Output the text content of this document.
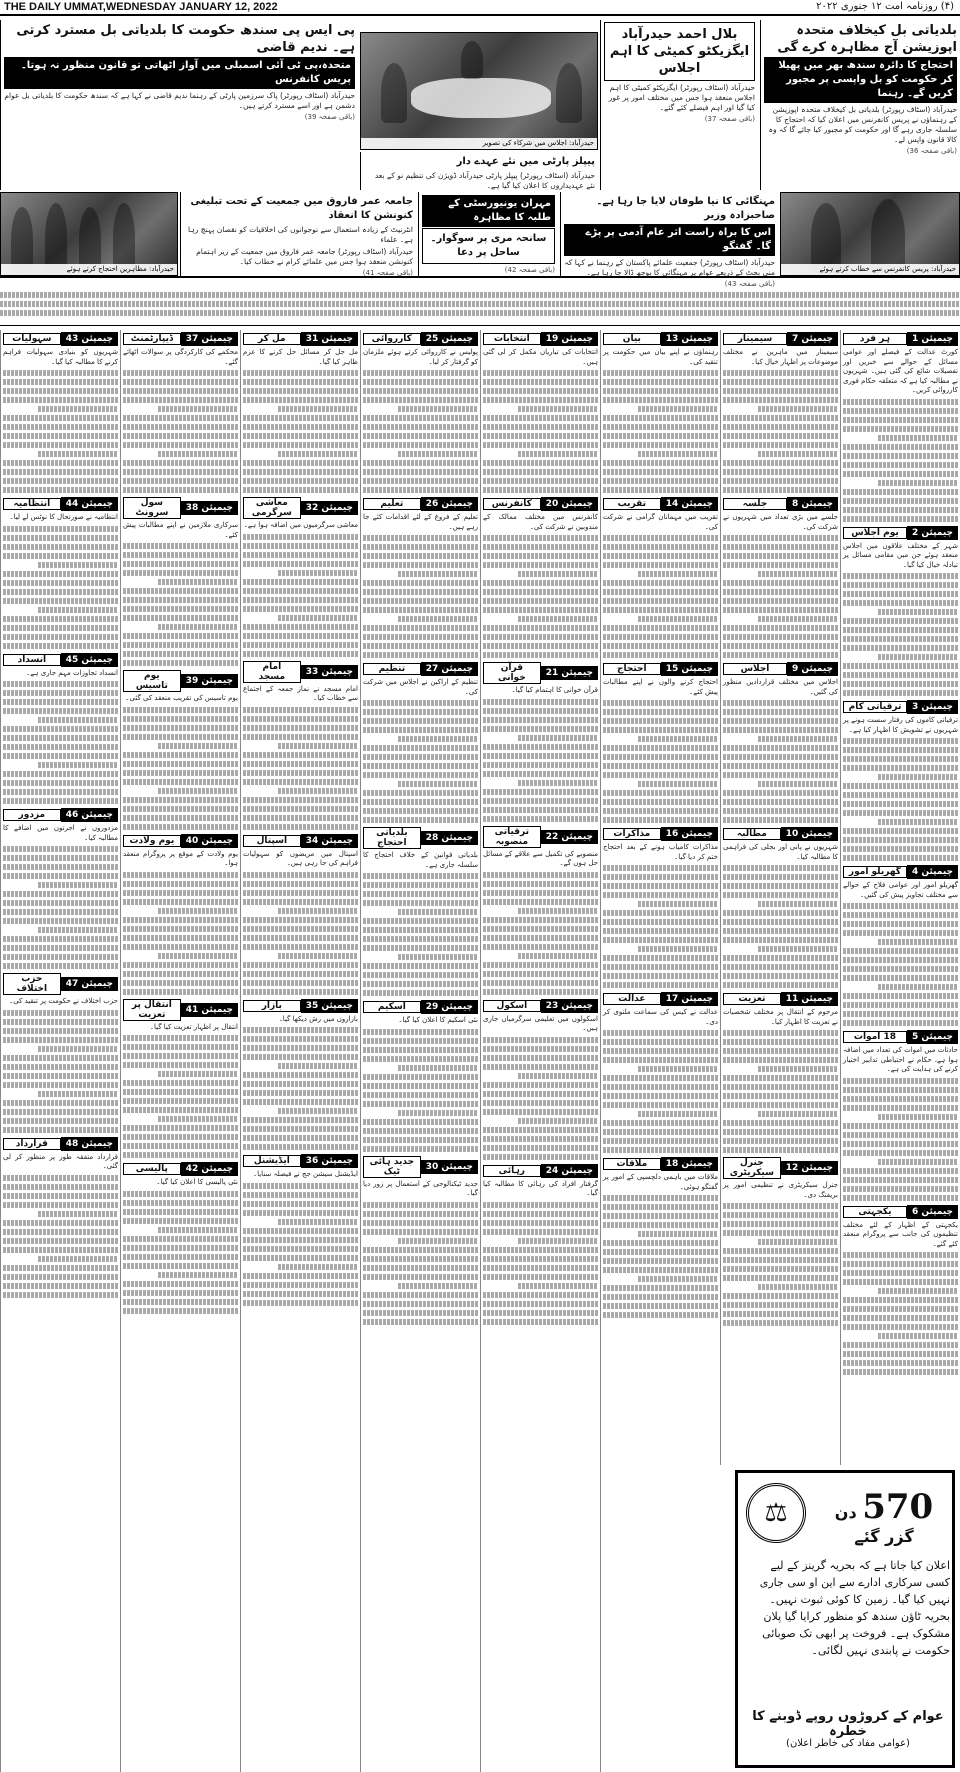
THE DAILY UMMAT,WEDNESDAY JANUARY 12, 2022	(۴) روزنامہ امت ۱۲ جنوری ۲۰۲۲
بلدیاتی بل کیخلاف متحدہ اپوزیشن آج مظاہرہ کرے گی
احتجاج کا دائرہ سندھ بھر میں پھیلا کر حکومت کو بل واپسی پر مجبور کریں گے۔ رہنما
حیدرآباد (اسٹاف رپورٹر) بلدیاتی بل کیخلاف متحدہ اپوزیشن کے رہنماؤں نے پریس کانفرنس میں اعلان کیا کہ احتجاج کا سلسلہ جاری رہے گا اور حکومت کو مجبور کیا جائے گا کہ وہ کالا قانون واپس لے۔
(باقی صفحہ 36)
بلال احمد حیدرآباد ایگزیکٹو کمیٹی کا اہم اجلاس
حیدرآباد (اسٹاف رپورٹر) ایگزیکٹو کمیٹی کا اہم اجلاس منعقد ہوا جس میں مختلف امور پر غور کیا گیا اور اہم فیصلے کئے گئے۔
(باقی صفحہ 37)
حیدرآباد: اجلاس میں شرکاء کی تصویر
پیپلز پارٹی میں نئے عہدے دار
حیدرآباد (اسٹاف رپورٹر) پیپلز پارٹی حیدرآباد ڈویژن کی تنظیم نو کے بعد نئے عہدیداروں کا اعلان کیا گیا ہے۔
پی ایس پی سندھ حکومت کا بلدیاتی بل مسترد کرتی ہے۔ ندیم قاضی
متحدہ،پی ٹی آئی اسمبلی میں آواز اٹھاتی تو قانون منظور نہ ہوتا۔ پریس کانفرنس
حیدرآباد (اسٹاف رپورٹر) پاک سرزمین پارٹی کے رہنما ندیم قاضی نے کہا ہے کہ سندھ حکومت کا بلدیاتی بل عوام دشمن ہے اور اسے مسترد کرتے ہیں۔
(باقی صفحہ 39)
حیدرآباد: پریس کانفرنس سے خطاب کرتے ہوئے
مہنگائی کا نیا طوفان لایا جا رہا ہے۔ صاحبزادہ وزیر
اس کا براہ راست اثر عام آدمی پر پڑے گا۔ گفتگو
حیدرآباد (اسٹاف رپورٹر) جمعیت علمائے پاکستان کے رہنما نے کہا کہ منی بجٹ کے ذریعے عوام پر مہنگائی کا بوجھ ڈالا جا رہا ہے۔
(باقی صفحہ 43)
مہران یونیورسٹی کے طلبہ کا مظاہرہ
سانحہ مری پر سوگوار۔ ساحل پر دعا
(باقی صفحہ 42)
جامعہ عمر فاروق میں جمعیت کے تحت تبلیغی کنونشن کا انعقاد
انٹرنیٹ کے زیادہ استعمال سے نوجوانوں کی اخلاقیات کو نقصان پہنچ رہا ہے۔ علماء
حیدرآباد (اسٹاف رپورٹر) جامعہ عمر فاروق میں جمعیت کے زیر اہتمام کنونشن منعقد ہوا جس میں علمائے کرام نے خطاب کیا۔
(باقی صفحہ 41)
حیدرآباد: مظاہرین احتجاج کرتے ہوئے
چیمپئن 1
ہر فرد
کورٹ عدالت کے فیصلے اور عوامی مسائل کے حوالے سے خبریں اور تفصیلات شائع کی گئی ہیں۔ شہریوں نے مطالبہ کیا ہے کہ متعلقہ حکام فوری کارروائی کریں۔
چیمپئن 2
یوم اجلاس
شہر کے مختلف علاقوں میں اجلاس منعقد ہوئے جن میں مقامی مسائل پر تبادلہ خیال کیا گیا۔
چیمپئن 3
ترقیاتی کام
ترقیاتی کاموں کی رفتار سست ہونے پر شہریوں نے تشویش کا اظہار کیا ہے۔
چیمپئن 4
گھریلو امور
گھریلو امور اور عوامی فلاح کے حوالے سے مختلف تجاویز پیش کی گئیں۔
چیمپئن 5
18 اموات
حادثات میں اموات کی تعداد میں اضافہ ہوا ہے، حکام نے احتیاطی تدابیر اختیار کرنے کی ہدایت کی ہے۔
چیمپئن 6
یکجہتی
یکجہتی کے اظہار کے لئے مختلف تنظیموں کی جانب سے پروگرام منعقد کئے گئے۔
چیمپئن 7
سیمینار
سیمینار میں ماہرین نے مختلف موضوعات پر اظہار خیال کیا۔
چیمپئن 8
جلسہ
جلسے میں بڑی تعداد میں شہریوں نے شرکت کی۔
چیمپئن 9
اجلاس
اجلاس میں مختلف قراردادیں منظور کی گئیں۔
چیمپئن 10
مطالبہ
شہریوں نے پانی اور بجلی کی فراہمی کا مطالبہ کیا۔
چیمپئن 11
تعزیت
مرحوم کے انتقال پر مختلف شخصیات نے تعزیت کا اظہار کیا۔
چیمپئن 12
جنرل سیکریٹری
جنرل سیکریٹری نے تنظیمی امور پر بریفنگ دی۔
چیمپئن 13
بیان
رہنماؤں نے اپنے بیان میں حکومت پر تنقید کی۔
چیمپئن 14
تقریب
تقریب میں مہمانان گرامی نے شرکت کی۔
چیمپئن 15
احتجاج
احتجاج کرنے والوں نے اپنے مطالبات پیش کئے۔
چیمپئن 16
مذاکرات
مذاکرات کامیاب ہونے کے بعد احتجاج ختم کر دیا گیا۔
چیمپئن 17
عدالت
عدالت نے کیس کی سماعت ملتوی کر دی۔
چیمپئن 18
ملاقات
ملاقات میں باہمی دلچسپی کے امور پر گفتگو ہوئی۔
چیمپئن 19
انتخابات
انتخابات کی تیاریاں مکمل کر لی گئی ہیں۔
چیمپئن 20
کانفرنس
کانفرنس میں مختلف ممالک کے مندوبین نے شرکت کی۔
چیمپئن 21
قرآن خوانی
قرآن خوانی کا اہتمام کیا گیا۔
چیمپئن 22
ترقیاتی منصوبہ
منصوبے کی تکمیل سے علاقے کے مسائل حل ہوں گے۔
چیمپئن 23
اسکول
اسکولوں میں تعلیمی سرگرمیاں جاری ہیں۔
چیمپئن 24
رہائی
گرفتار افراد کی رہائی کا مطالبہ کیا گیا۔
چیمپئن 25
کارروائی
پولیس نے کارروائی کرتے ہوئے ملزمان کو گرفتار کر لیا۔
چیمپئن 26
تعلیم
تعلیم کے فروغ کے لئے اقدامات کئے جا رہے ہیں۔
چیمپئن 27
تنظیم
تنظیم کے اراکین نے اجلاس میں شرکت کی۔
چیمپئن 28
بلدیاتی احتجاج
بلدیاتی قوانین کے خلاف احتجاج کا سلسلہ جاری ہے۔
چیمپئن 29
اسکیم
نئی اسکیم کا اعلان کیا گیا۔
چیمپئن 30
جدید ہائی ٹیک
جدید ٹیکنالوجی کے استعمال پر زور دیا گیا۔
چیمپئن 31
مل کر
مل جل کر مسائل حل کرنے کا عزم ظاہر کیا گیا۔
چیمپئن 32
معاشی سرگرمی
معاشی سرگرمیوں میں اضافہ ہوا ہے۔
چیمپئن 33
امام مسجد
امام مسجد نے نماز جمعہ کے اجتماع سے خطاب کیا۔
چیمپئن 34
اسپتال
اسپتال میں مریضوں کو سہولیات فراہم کی جا رہی ہیں۔
چیمپئن 35
بازار
بازاروں میں رش دیکھا گیا۔
چیمپئن 36
ایڈیشنل
ایڈیشنل سیشن جج نے فیصلہ سنایا۔
چیمپئن 37
ڈیپارٹمنٹ
محکمے کی کارکردگی پر سوالات اٹھائے گئے۔
چیمپئن 38
سول سرونٹ
سرکاری ملازمین نے اپنے مطالبات پیش کئے۔
چیمپئن 39
یوم تاسیس
یوم تاسیس کی تقریب منعقد کی گئی۔
چیمپئن 40
یوم ولادت
یوم ولادت کے موقع پر پروگرام منعقد ہوا۔
چیمپئن 41
انتقال پر تعزیت
انتقال پر اظہار تعزیت کیا گیا۔
چیمپئن 42
پالیسی
نئی پالیسی کا اعلان کیا گیا۔
چیمپئن 43
سہولیات
شہریوں کو بنیادی سہولیات فراہم کرنے کا مطالبہ کیا گیا۔
چیمپئن 44
انتظامیہ
انتظامیہ نے صورتحال کا نوٹس لے لیا۔
چیمپئن 45
انسداد
انسداد تجاوزات مہم جاری ہے۔
چیمپئن 46
مزدور
مزدوروں نے اجرتوں میں اضافے کا مطالبہ کیا۔
چیمپئن 47
حزب اختلاف
حزب اختلاف نے حکومت پر تنقید کی۔
چیمپئن 48
قرارداد
قرارداد متفقہ طور پر منظور کر لی گئی۔
⚖	570 دن گزر گئے
اعلان کیا جاتا ہے کہ بحریہ گرینز کے لیے کسی سرکاری ادارے سے این او سی جاری نہیں کیا گیا۔ زمین کا کوئی ثبوت نہیں۔ بحریہ ٹاؤن سندھ کو منظور کرایا گیا پلان مشکوک ہے۔ فروخت پر ابھی تک صوبائی حکومت نے پابندی نہیں لگائی۔
عوام کے کروڑوں روپے ڈوبنے کا خطرہ
(عوامی مفاد کی خاطر اعلان)
